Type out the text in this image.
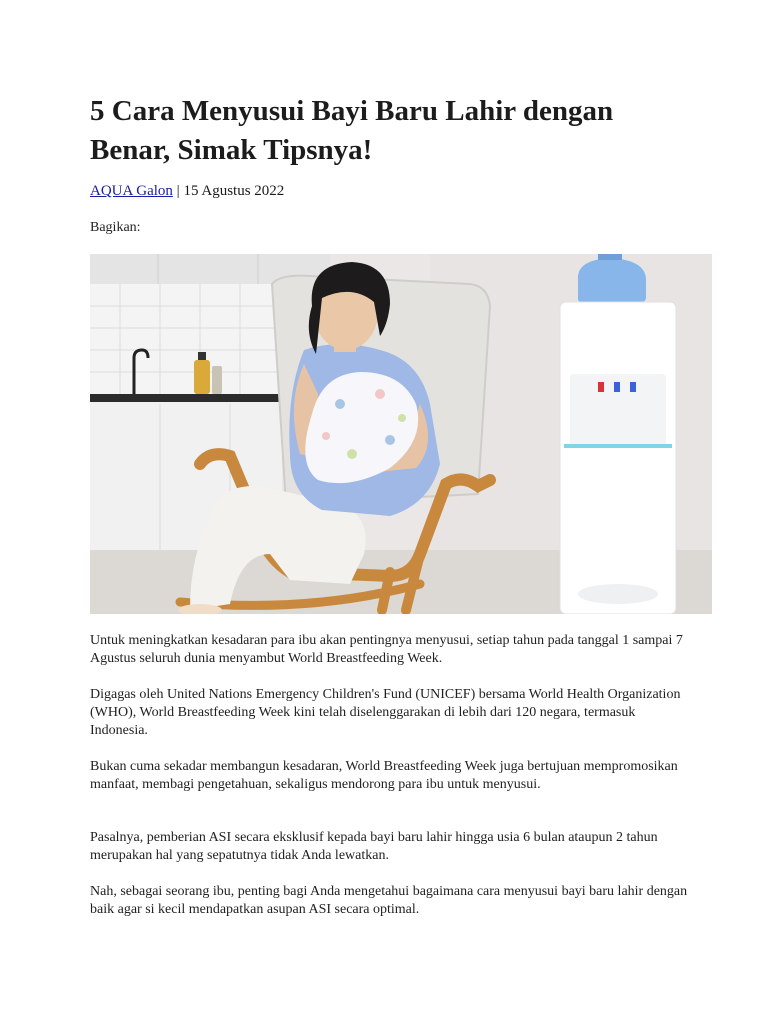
5 Cara Menyusui Bayi Baru Lahir dengan Benar, Simak Tipsnya!
AQUA Galon | 15 Agustus 2022
Bagikan:

Untuk meningkatkan kesadaran para ibu akan pentingnya menyusui, setiap tahun pada tanggal 1 sampai 7 Agustus seluruh dunia menyambut World Breastfeeding Week.

Digagas oleh United Nations Emergency Children's Fund (UNICEF) bersama World Health Organization (WHO), World Breastfeeding Week kini telah diselenggarakan di lebih dari 120 negara, termasuk Indonesia.

Bukan cuma sekadar membangun kesadaran, World Breastfeeding Week juga bertujuan mempromosikan manfaat, membagi pengetahuan, sekaligus mendorong para ibu untuk menyusui.

Pasalnya, pemberian ASI secara eksklusif kepada bayi baru lahir hingga usia 6 bulan ataupun 2 tahun merupakan hal yang sepatutnya tidak Anda lewatkan.

Nah, sebagai seorang ibu, penting bagi Anda mengetahui bagaimana cara menyusui bayi baru lahir dengan baik agar si kecil mendapatkan asupan ASI secara optimal.
